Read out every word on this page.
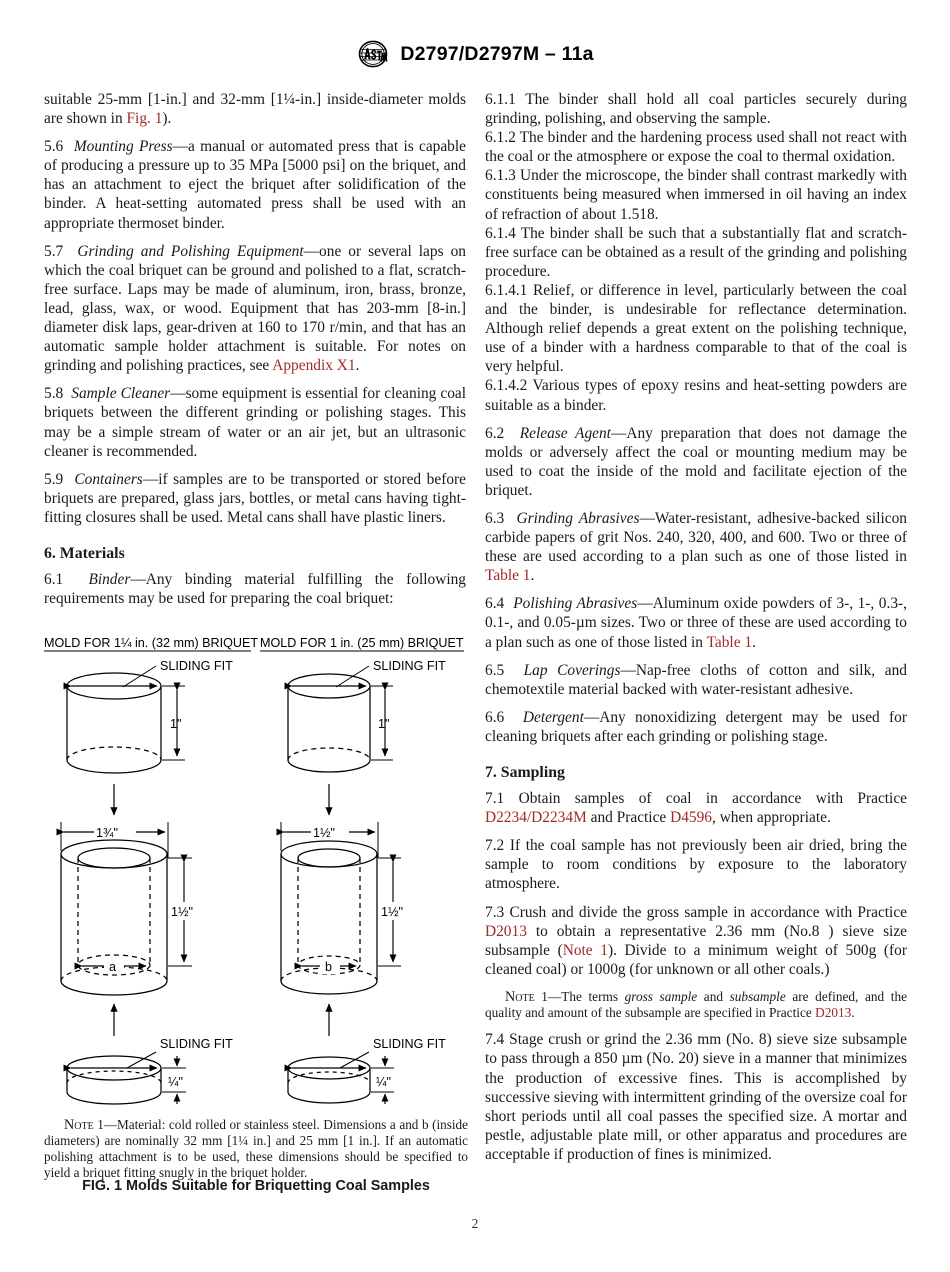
D2797/D2797M – 11a

suitable 25-mm [1-in.] and 32-mm [1¼-in.] inside-diameter molds are shown in Fig. 1).

5.6 Mounting Press—a manual or automated press that is capable of producing a pressure up to 35 MPa [5000 psi] on the briquet, and has an attachment to eject the briquet after solidification of the binder. A heat-setting automated press shall be used with an appropriate thermoset binder.

5.7 Grinding and Polishing Equipment—one or several laps on which the coal briquet can be ground and polished to a flat, scratch-free surface. Laps may be made of aluminum, iron, brass, bronze, lead, glass, wax, or wood. Equipment that has 203-mm [8-in.] diameter disk laps, gear-driven at 160 to 170 r/min, and that has an automatic sample holder attachment is suitable. For notes on grinding and polishing practices, see Appendix X1.

5.8 Sample Cleaner—some equipment is essential for cleaning coal briquets between the different grinding or polishing stages. This may be a simple stream of water or an air jet, but an ultrasonic cleaner is recommended.

5.9 Containers—if samples are to be transported or stored before briquets are prepared, glass jars, bottles, or metal cans having tight-fitting closures shall be used. Metal cans shall have plastic liners.

6. Materials

6.1 Binder—Any binding material fulfilling the following requirements may be used for preparing the coal briquet:

MOLD FOR 1¼ in. (32 mm) BRIQUET
SLIDING FIT
1"
1¾"
a
1½"
SLIDING FIT
¼"
MOLD FOR 1 in. (25 mm) BRIQUET
SLIDING FIT
1"
1½"
b
1½"
SLIDING FIT
¼"
Note 1—Material: cold rolled or stainless steel. Dimensions a and b (inside diameters) are nominally 32 mm [1¼ in.] and 25 mm [1 in.]. If an automatic polishing attachment is to be used, these dimensions should be specified to yield a briquet fitting snugly in the briquet holder.
FIG. 1 Molds Suitable for Briquetting Coal Samples

6.1.1 The binder shall hold all coal particles securely during grinding, polishing, and observing the sample.

6.1.2 The binder and the hardening process used shall not react with the coal or the atmosphere or expose the coal to thermal oxidation.

6.1.3 Under the microscope, the binder shall contrast markedly with constituents being measured when immersed in oil having an index of refraction of about 1.518.

6.1.4 The binder shall be such that a substantially flat and scratch-free surface can be obtained as a result of the grinding and polishing procedure.

6.1.4.1 Relief, or difference in level, particularly between the coal and the binder, is undesirable for reflectance determination. Although relief depends a great extent on the polishing technique, use of a binder with a hardness comparable to that of the coal is very helpful.

6.1.4.2 Various types of epoxy resins and heat-setting powders are suitable as a binder.

6.2 Release Agent—Any preparation that does not damage the molds or adversely affect the coal or mounting medium may be used to coat the inside of the mold and facilitate ejection of the briquet.

6.3 Grinding Abrasives—Water-resistant, adhesive-backed silicon carbide papers of grit Nos. 240, 320, 400, and 600. Two or three of these are used according to a plan such as one of those listed in Table 1.

6.4 Polishing Abrasives—Aluminum oxide powders of 3-, 1-, 0.3-, 0.1-, and 0.05-µm sizes. Two or three of these are used according to a plan such as one of those listed in Table 1.

6.5 Lap Coverings—Nap-free cloths of cotton and silk, and chemotextile material backed with water-resistant adhesive.

6.6 Detergent—Any nonoxidizing detergent may be used for cleaning briquets after each grinding or polishing stage.

7. Sampling

7.1 Obtain samples of coal in accordance with Practice D2234/D2234M and Practice D4596, when appropriate.

7.2 If the coal sample has not previously been air dried, bring the sample to room conditions by exposure to the laboratory atmosphere.

7.3 Crush and divide the gross sample in accordance with Practice D2013 to obtain a representative 2.36 mm (No.8 ) sieve size subsample (Note 1). Divide to a minimum weight of 500g (for cleaned coal) or 1000g (for unknown or all other coals.)

Note 1—The terms gross sample and subsample are defined, and the quality and amount of the subsample are specified in Practice D2013.

7.4 Stage crush or grind the 2.36 mm (No. 8) sieve size subsample to pass through a 850 µm (No. 20) sieve in a manner that minimizes the production of excessive fines. This is accomplished by successive sieving with intermittent grinding of the oversize coal for short periods until all coal passes the specified size. A mortar and pestle, adjustable plate mill, or other apparatus and procedures are acceptable if production of fines is minimized.

2
